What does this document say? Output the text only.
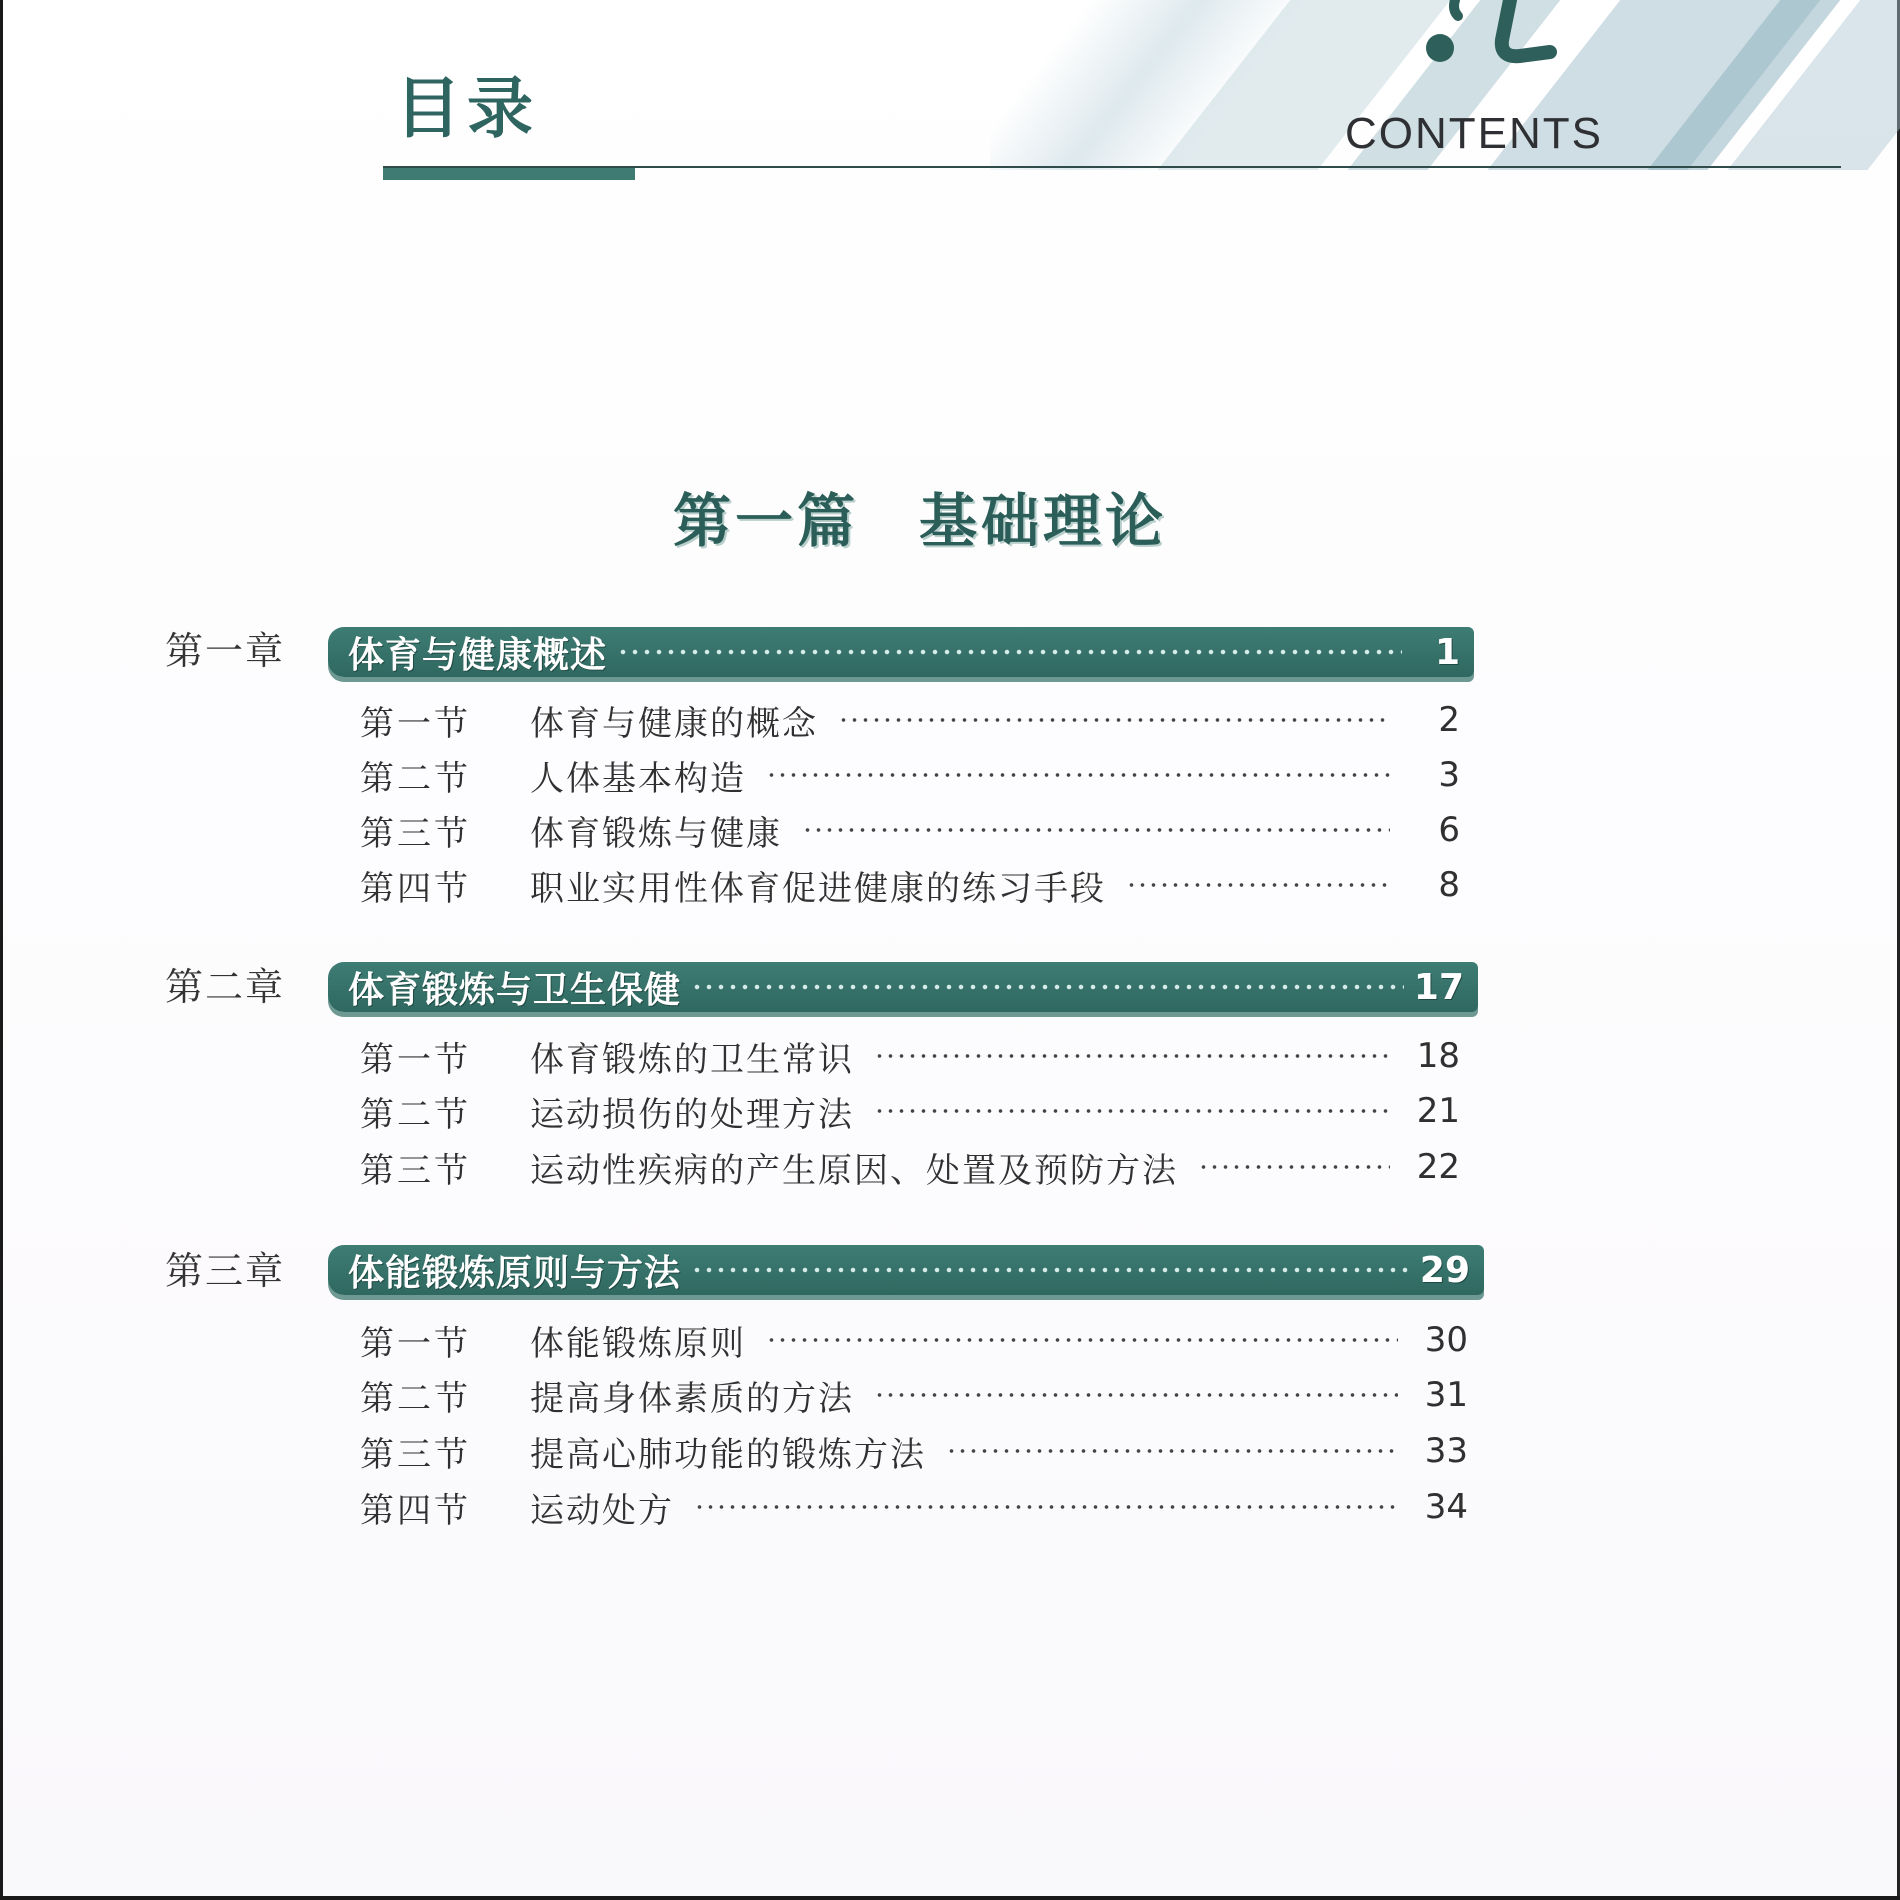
目录	CONTENTS
第一篇 基础理论
第一章 体育与健康概述	1
第一节	体育与健康的概念	2
第二节	人体基本构造	3
第三节	体育锻炼与健康	6
第四节	职业实用性体育促进健康的练习手段	8
第二章 体育锻炼与卫生保健	17
第一节	体育锻炼的卫生常识	18
第二节	运动损伤的处理方法	21
第三节	运动性疾病的产生原因、处置及预防方法	22
第三章 体能锻炼原则与方法	29
第一节	体能锻炼原则	30
第二节	提高身体素质的方法	31
第三节	提高心肺功能的锻炼方法	33
第四节	运动处方	34
